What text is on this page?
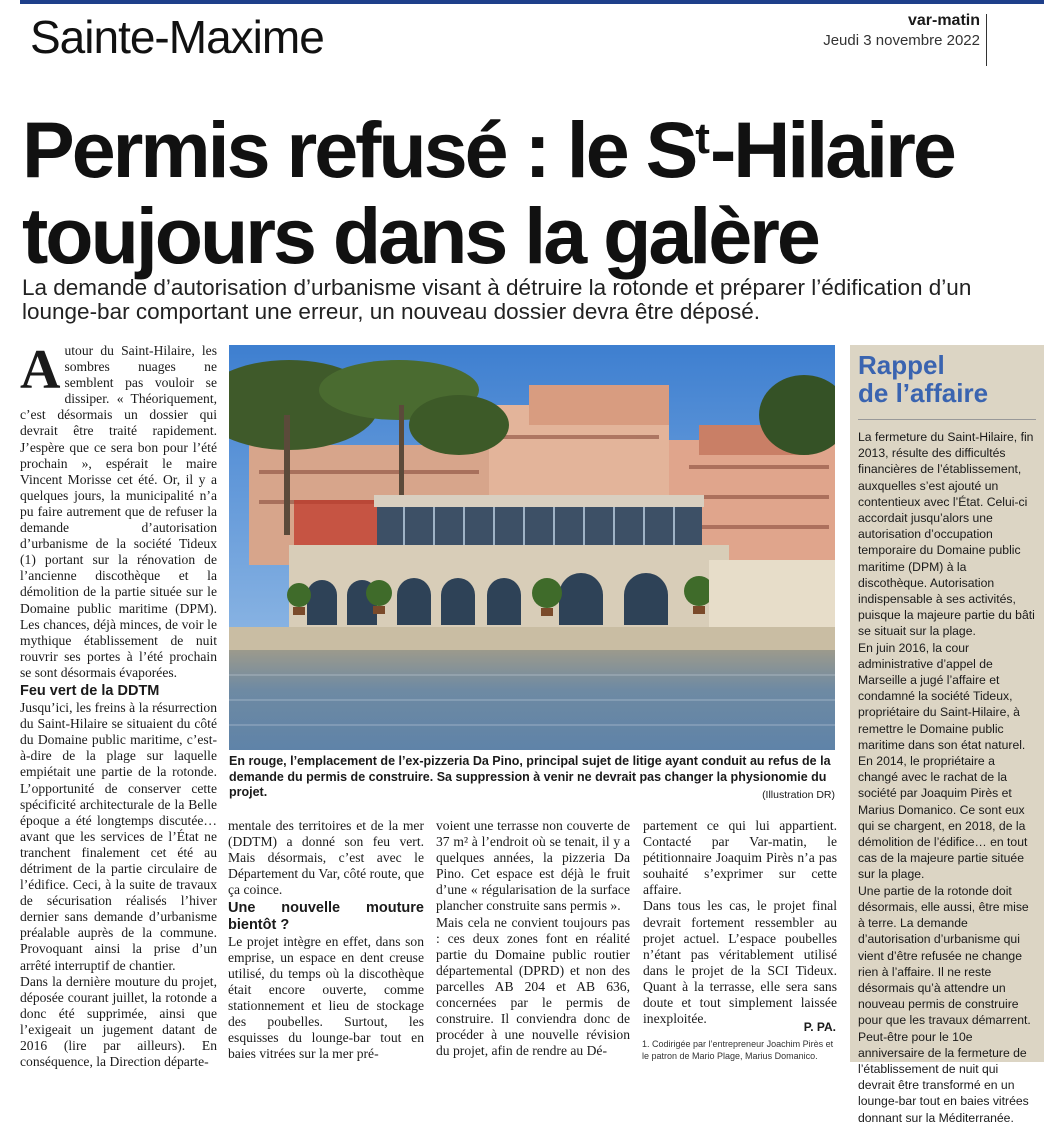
Sainte-Maxime	var-matin
Jeudi 3 novembre 2022
Permis refusé : le $S^t$-Hilaire toujours dans la galère
La demande d’autorisation d’urbanisme visant à détruire la rotonde et préparer l’édification d’un lounge-bar comportant une erreur, un nouveau dossier devra être déposé.

Autour du Saint-Hilaire, les sombres nuages ne semblent pas vouloir se dissiper. « Théoriquement, c’est désormais un dossier qui devrait être traité rapidement. J’espère que ce sera bon pour l’été prochain », espérait le maire Vincent Morisse cet été. Or, il y a quelques jours, la municipalité n’a pu faire autrement que de refuser la demande d’autorisation d’urbanisme de la société Tideux (1) portant sur la rénovation de l’ancienne discothèque et la démolition de la partie située sur le Domaine public maritime (DPM). Les chances, déjà minces, de voir le mythique établissement de nuit rouvrir ses portes à l’été prochain se sont désormais évaporées.

Feu vert de la DDTM

Jusqu’ici, les freins à la résurrection du Saint-Hilaire se situaient du côté du Domaine public maritime, c’est-à-dire de la plage sur laquelle empiétait une partie de la rotonde. L’opportunité de conserver cette spécificité architecturale de la Belle époque a été longtemps discutée… avant que les services de l’État ne tranchent finalement cet été au détriment de la partie circulaire de l’édifice. Ceci, à la suite de travaux de sécurisation réalisés l’hiver dernier sans demande d’urbanisme préalable auprès de la commune. Provoquant ainsi la prise d’un arrêté interruptif de chantier.

Dans la dernière mouture du projet, déposée courant juillet, la rotonde a donc été supprimée, ainsi que l’exigeait un jugement datant de 2016 (lire par ailleurs). En conséquence, la Direction départe-

mentale des territoires et de la mer (DDTM) a donné son feu vert. Mais désormais, c’est avec le Département du Var, côté route, que ça coince.

Une nouvelle mouture bientôt ?

Le projet intègre en effet, dans son emprise, un espace en dent creuse utilisé, du temps où la discothèque était encore ouverte, comme stationnement et lieu de stockage des poubelles. Surtout, les esquisses du lounge-bar tout en baies vitrées sur la mer pré-

voient une terrasse non couverte de 37 m² à l’endroit où se tenait, il y a quelques années, la pizzeria Da Pino. Cet espace est déjà le fruit d’une « régularisation de la surface plancher construite sans permis ».

Mais cela ne convient toujours pas : ces deux zones font en réalité partie du Domaine public routier départemental (DPRD) et non des parcelles AB 204 et AB 636, concernées par le permis de construire. Il conviendra donc de procéder à une nouvelle révision du projet, afin de rendre au Dé-

partement ce qui lui appartient. Contacté par Var-matin, le pétitionnaire Joaquim Pirès n’a pas souhaité s’exprimer sur cette affaire.

Dans tous les cas, le projet final devrait fortement ressembler au projet actuel. L’espace poubelles n’étant pas véritablement utilisé dans le projet de la SCI Tideux. Quant à la terrasse, elle sera sans doute et tout simplement laissée inexploitée.

P. PA.
1. Codirigée par l’entrepreneur Joachim Pirès et le patron de Mario Plage, Marius Domanico.
En rouge, l’emplacement de l’ex-pizzeria Da Pino, principal sujet de litige ayant conduit au refus de la demande du permis de construire. Sa suppression à venir ne devrait pas changer la physionomie du projet.	(Illustration DR)
Rappel
de l’affaire
La fermeture du Saint-Hilaire, fin 2013, résulte des difficultés financières de l’établissement, auxquelles s’est ajouté un contentieux avec l’État. Celui-ci accordait jusqu’alors une autorisation d’occupation temporaire du Domaine public maritime (DPM) à la discothèque. Autorisation indispensable à ses activités, puisque la majeure partie du bâti se situait sur la plage.
En juin 2016, la cour administrative d’appel de Marseille a jugé l’affaire et condamné la société Tideux, propriétaire du Saint-Hilaire, à remettre le Domaine public maritime dans son état naturel. En 2014, le propriétaire a changé avec le rachat de la société par Joaquim Pirès et Marius Domanico. Ce sont eux qui se chargent, en 2018, de la démolition de l’édifice… en tout cas de la majeure partie située sur la plage.
Une partie de la rotonde doit désormais, elle aussi, être mise à terre. La demande d’autorisation d’urbanisme qui vient d’être refusée ne change rien à l’affaire. Il ne reste désormais qu’à attendre un nouveau permis de construire pour que les travaux démarrent. Peut-être pour le 10e anniversaire de la fermeture de l’établissement de nuit qui devrait être transformé en un lounge-bar tout en baies vitrées donnant sur la Méditerranée.
